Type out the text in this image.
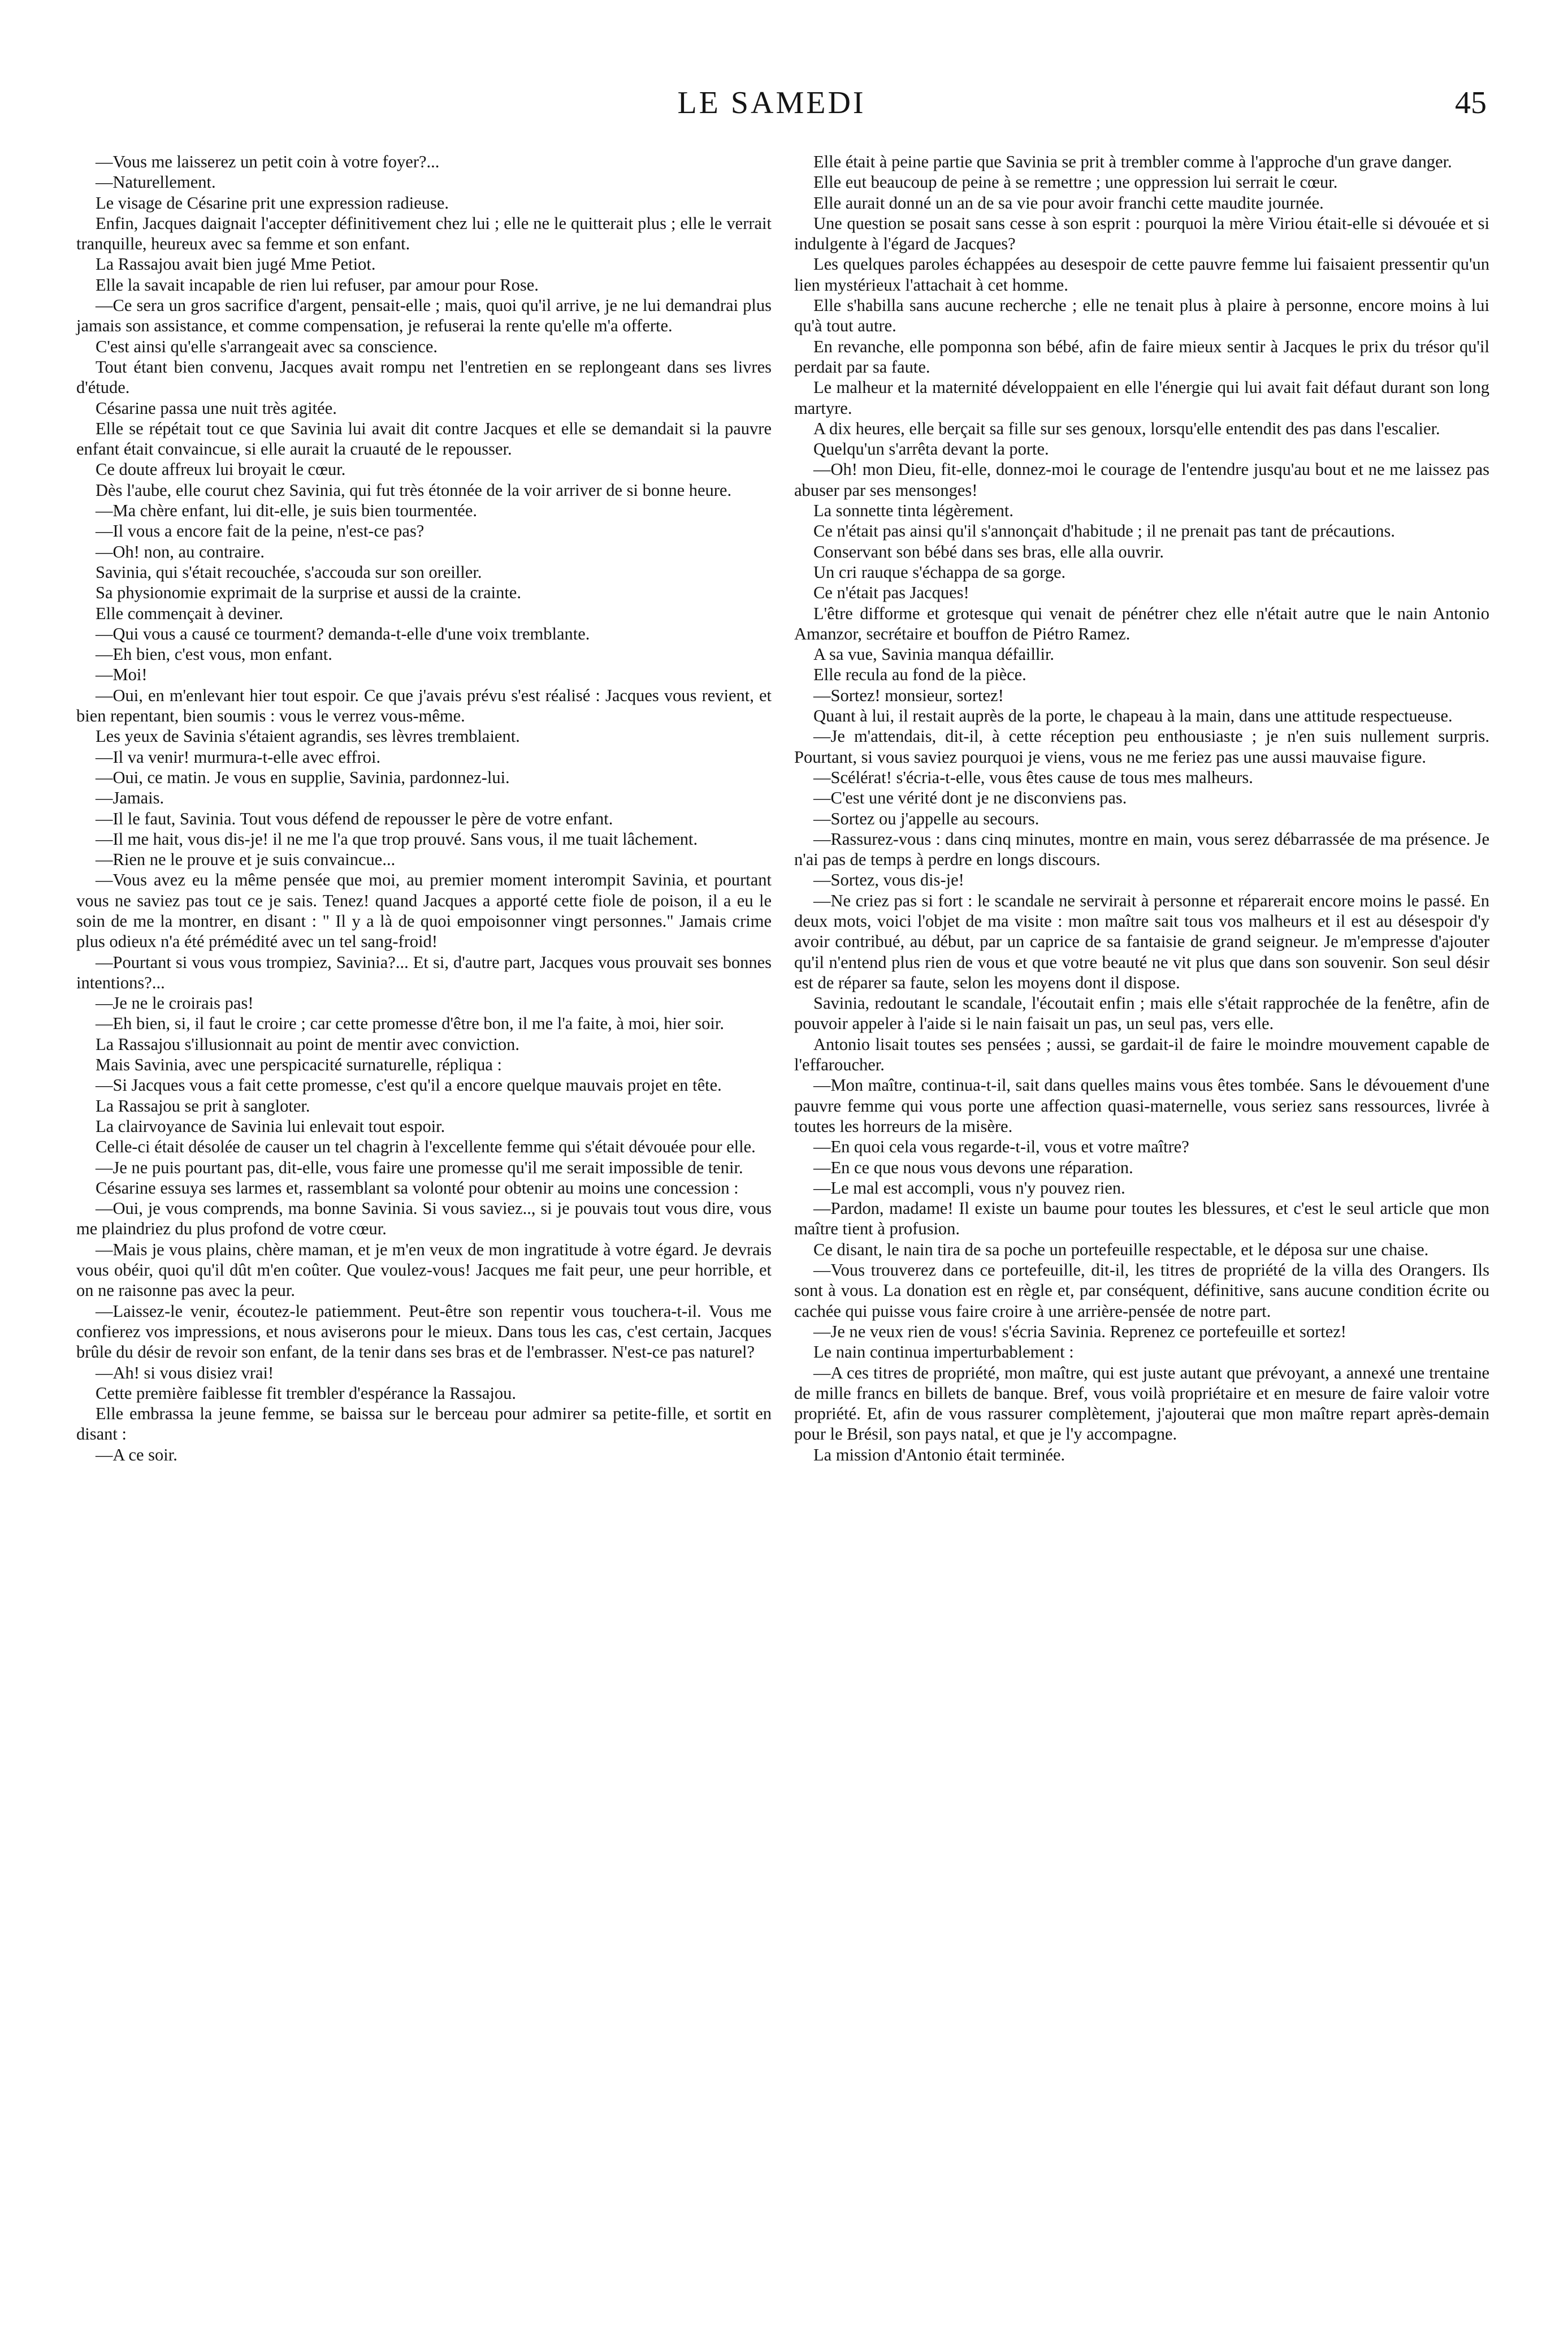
LE SAMEDI	45

—Vous me laisserez un petit coin à votre foyer?...

—Naturellement.

Le visage de Césarine prit une expression radieuse.

Enfin, Jacques daignait l'accepter définitivement chez lui ; elle ne le quitterait plus ; elle le verrait tranquille, heureux avec sa femme et son enfant.

La Rassajou avait bien jugé Mme Petiot.

Elle la savait incapable de rien lui refuser, par amour pour Rose.

—Ce sera un gros sacrifice d'argent, pensait-elle ; mais, quoi qu'il arrive, je ne lui demandrai plus jamais son assistance, et comme compensation, je refuserai la rente qu'elle m'a offerte.

C'est ainsi qu'elle s'arrangeait avec sa conscience.

Tout étant bien convenu, Jacques avait rompu net l'entretien en se replongeant dans ses livres d'étude.

Césarine passa une nuit très agitée.

Elle se répétait tout ce que Savinia lui avait dit contre Jacques et elle se demandait si la pauvre enfant était convaincue, si elle aurait la cruauté de le repousser.

Ce doute affreux lui broyait le cœur.

Dès l'aube, elle courut chez Savinia, qui fut très étonnée de la voir arriver de si bonne heure.

—Ma chère enfant, lui dit-elle, je suis bien tourmentée.

—Il vous a encore fait de la peine, n'est-ce pas?

—Oh! non, au contraire.

Savinia, qui s'était recouchée, s'accouda sur son oreiller.

Sa physionomie exprimait de la surprise et aussi de la crainte.

Elle commençait à deviner.

—Qui vous a causé ce tourment? demanda-t-elle d'une voix tremblante.

—Eh bien, c'est vous, mon enfant.

—Moi!

—Oui, en m'enlevant hier tout espoir. Ce que j'avais prévu s'est réalisé : Jacques vous revient, et bien repentant, bien soumis : vous le verrez vous-même.

Les yeux de Savinia s'étaient agrandis, ses lèvres tremblaient.

—Il va venir! murmura-t-elle avec effroi.

—Oui, ce matin. Je vous en supplie, Savinia, pardonnez-lui.

—Jamais.

—Il le faut, Savinia. Tout vous défend de repousser le père de votre enfant.

—Il me hait, vous dis-je! il ne me l'a que trop prouvé. Sans vous, il me tuait lâchement.

—Rien ne le prouve et je suis convaincue...

—Vous avez eu la même pensée que moi, au premier moment interompit Savinia, et pourtant vous ne saviez pas tout ce je sais. Tenez! quand Jacques a apporté cette fiole de poison, il a eu le soin de me la montrer, en disant : " Il y a là de quoi empoisonner vingt personnes." Jamais crime plus odieux n'a été prémédité avec un tel sang-froid!

—Pourtant si vous vous trompiez, Savinia?... Et si, d'autre part, Jacques vous prouvait ses bonnes intentions?...

—Je ne le croirais pas!

—Eh bien, si, il faut le croire ; car cette promesse d'être bon, il me l'a faite, à moi, hier soir.

La Rassajou s'illusionnait au point de mentir avec conviction.

Mais Savinia, avec une perspicacité surnaturelle, répliqua :

—Si Jacques vous a fait cette promesse, c'est qu'il a encore quelque mauvais projet en tête.

La Rassajou se prit à sangloter.

La clairvoyance de Savinia lui enlevait tout espoir.

Celle-ci était désolée de causer un tel chagrin à l'excellente femme qui s'était dévouée pour elle.

—Je ne puis pourtant pas, dit-elle, vous faire une promesse qu'il me serait impossible de tenir.

Césarine essuya ses larmes et, rassemblant sa volonté pour obtenir au moins une concession :

—Oui, je vous comprends, ma bonne Savinia. Si vous saviez.., si je pouvais tout vous dire, vous me plaindriez du plus profond de votre cœur.

—Mais je vous plains, chère maman, et je m'en veux de mon ingratitude à votre égard. Je devrais vous obéir, quoi qu'il dût m'en coûter. Que voulez-vous! Jacques me fait peur, une peur horrible, et on ne raisonne pas avec la peur.

—Laissez-le venir, écoutez-le patiemment. Peut-être son repentir vous touchera-t-il. Vous me confierez vos impressions, et nous aviserons pour le mieux. Dans tous les cas, c'est certain, Jacques brûle du désir de revoir son enfant, de la tenir dans ses bras et de l'embrasser. N'est-ce pas naturel?

—Ah! si vous disiez vrai!

Cette première faiblesse fit trembler d'espérance la Rassajou.

Elle embrassa la jeune femme, se baissa sur le berceau pour admirer sa petite-fille, et sortit en disant :

—A ce soir.

Elle était à peine partie que Savinia se prit à trembler comme à l'approche d'un grave danger.

Elle eut beaucoup de peine à se remettre ; une oppression lui serrait le cœur.

Elle aurait donné un an de sa vie pour avoir franchi cette maudite journée.

Une question se posait sans cesse à son esprit : pourquoi la mère Viriou était-elle si dévouée et si indulgente à l'égard de Jacques?

Les quelques paroles échappées au desespoir de cette pauvre femme lui faisaient pressentir qu'un lien mystérieux l'attachait à cet homme.

Elle s'habilla sans aucune recherche ; elle ne tenait plus à plaire à personne, encore moins à lui qu'à tout autre.

En revanche, elle pomponna son bébé, afin de faire mieux sentir à Jacques le prix du trésor qu'il perdait par sa faute.

Le malheur et la maternité développaient en elle l'énergie qui lui avait fait défaut durant son long martyre.

A dix heures, elle berçait sa fille sur ses genoux, lorsqu'elle entendit des pas dans l'escalier.

Quelqu'un s'arrêta devant la porte.

—Oh! mon Dieu, fit-elle, donnez-moi le courage de l'entendre jusqu'au bout et ne me laissez pas abuser par ses mensonges!

La sonnette tinta légèrement.

Ce n'était pas ainsi qu'il s'annonçait d'habitude ; il ne prenait pas tant de précautions.

Conservant son bébé dans ses bras, elle alla ouvrir.

Un cri rauque s'échappa de sa gorge.

Ce n'était pas Jacques!

L'être difforme et grotesque qui venait de pénétrer chez elle n'était autre que le nain Antonio Amanzor, secrétaire et bouffon de Piétro Ramez.

A sa vue, Savinia manqua défaillir.

Elle recula au fond de la pièce.

—Sortez! monsieur, sortez!

Quant à lui, il restait auprès de la porte, le chapeau à la main, dans une attitude respectueuse.

—Je m'attendais, dit-il, à cette réception peu enthousiaste ; je n'en suis nullement surpris. Pourtant, si vous saviez pourquoi je viens, vous ne me feriez pas une aussi mauvaise figure.

—Scélérat! s'écria-t-elle, vous êtes cause de tous mes malheurs.

—C'est une vérité dont je ne disconviens pas.

—Sortez ou j'appelle au secours.

—Rassurez-vous : dans cinq minutes, montre en main, vous serez débarrassée de ma présence. Je n'ai pas de temps à perdre en longs discours.

—Sortez, vous dis-je!

—Ne criez pas si fort : le scandale ne servirait à personne et réparerait encore moins le passé. En deux mots, voici l'objet de ma visite : mon maître sait tous vos malheurs et il est au désespoir d'y avoir contribué, au début, par un caprice de sa fantaisie de grand seigneur. Je m'empresse d'ajouter qu'il n'entend plus rien de vous et que votre beauté ne vit plus que dans son souvenir. Son seul désir est de réparer sa faute, selon les moyens dont il dispose.

Savinia, redoutant le scandale, l'écoutait enfin ; mais elle s'était rapprochée de la fenêtre, afin de pouvoir appeler à l'aide si le nain faisait un pas, un seul pas, vers elle.

Antonio lisait toutes ses pensées ; aussi, se gardait-il de faire le moindre mouvement capable de l'effaroucher.

—Mon maître, continua-t-il, sait dans quelles mains vous êtes tombée. Sans le dévouement d'une pauvre femme qui vous porte une affection quasi-maternelle, vous seriez sans ressources, livrée à toutes les horreurs de la misère.

—En quoi cela vous regarde-t-il, vous et votre maître?

—En ce que nous vous devons une réparation.

—Le mal est accompli, vous n'y pouvez rien.

—Pardon, madame! Il existe un baume pour toutes les blessures, et c'est le seul article que mon maître tient à profusion.

Ce disant, le nain tira de sa poche un portefeuille respectable, et le déposa sur une chaise.

—Vous trouverez dans ce portefeuille, dit-il, les titres de propriété de la villa des Orangers. Ils sont à vous. La donation est en règle et, par conséquent, définitive, sans aucune condition écrite ou cachée qui puisse vous faire croire à une arrière-pensée de notre part.

—Je ne veux rien de vous! s'écria Savinia. Reprenez ce portefeuille et sortez!

Le nain continua imperturbablement :

—A ces titres de propriété, mon maître, qui est juste autant que prévoyant, a annexé une trentaine de mille francs en billets de banque. Bref, vous voilà propriétaire et en mesure de faire valoir votre propriété. Et, afin de vous rassurer complètement, j'ajouterai que mon maître repart après-demain pour le Brésil, son pays natal, et que je l'y accompagne.

La mission d'Antonio était terminée.
